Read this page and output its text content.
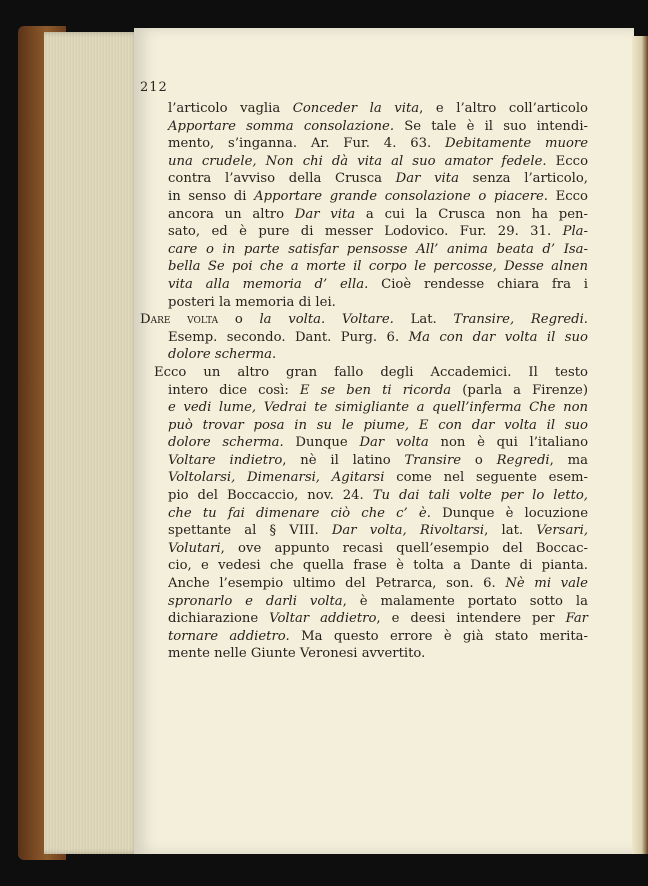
212
l’articolo vaglia Conceder la vita, e l’altro coll’articolo
Apportare somma consolazione. Se tale è il suo intendi-
mento, s’inganna. Ar. Fur. 4. 63. Debitamente muore
una crudele, Non chi dà vita al suo amator fedele. Ecco
contra l’avviso della Crusca Dar vita senza l’articolo,
in senso di Apportare grande consolazione o piacere. Ecco
ancora un altro Dar vita a cui la Crusca non ha pen-
sato, ed è pure di messer Lodovico. Fur. 29. 31. Pla-
care o in parte satisfar pensosse All’ anima beata d’ Isa-
bella Se poi che a morte il corpo le percosse, Desse alnen
vita alla memoria d’ ella. Cioè rendesse chiara fra i
posteri la memoria di lei.
Dare volta o la volta. Voltare. Lat. Transire, Regredi.
Esemp. secondo. Dant. Purg. 6. Ma con dar volta il suo
dolore scherma.
Ecco un altro gran fallo degli Accademici. Il testo
intero dice così: E se ben ti ricorda (parla a Firenze)
e vedi lume, Vedrai te simigliante a quell’inferma Che non
può trovar posa in su le piume, E con dar volta il suo
dolore scherma. Dunque Dar volta non è qui l’italiano
Voltare indietro, nè il latino Transire o Regredi, ma
Voltolarsi, Dimenarsi, Agitarsi come nel seguente esem-
pio del Boccaccio, nov. 24. Tu dai tali volte per lo letto,
che tu fai dimenare ciò che c’ è. Dunque è locuzione
spettante al § VIII. Dar volta, Rivoltarsi, lat. Versari,
Volutari, ove appunto recasi quell’esempio del Boccac-
cio, e vedesi che quella frase è tolta a Dante di pianta.
Anche l’esempio ultimo del Petrarca, son. 6. Nè mi vale
spronarlo e darli volta, è malamente portato sotto la
dichiarazione Voltar addietro, e deesi intendere per Far
tornare addietro. Ma questo errore è già stato merita-
mente nelle Giunte Veronesi avvertito.
